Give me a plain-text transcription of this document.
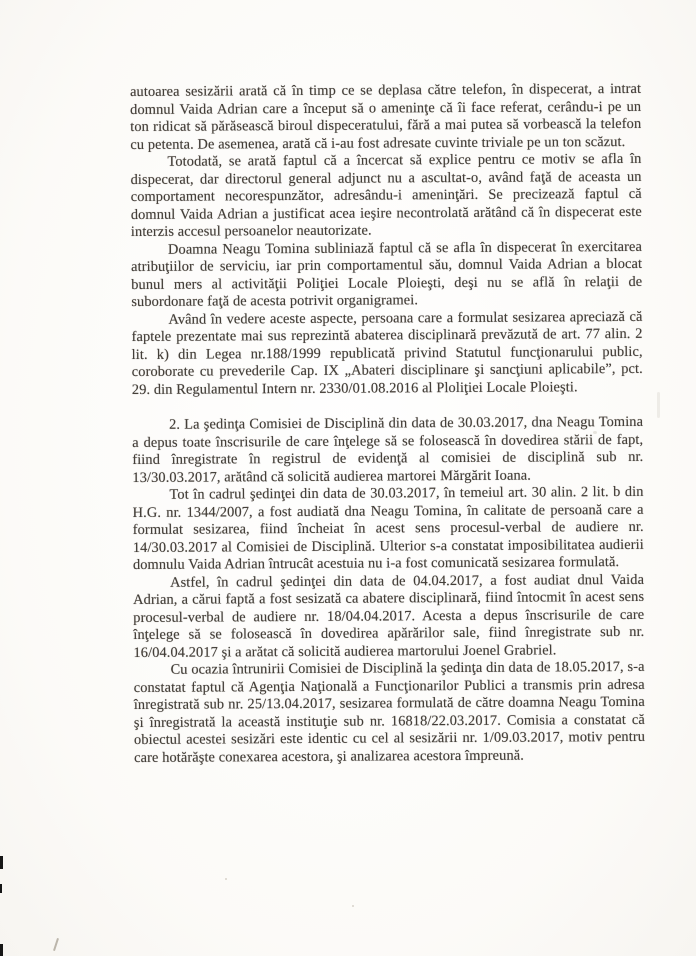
autoarea sesizării arată că în timp ce se deplasa către telefon, în dispecerat, a intrat domnul Vaida Adrian care a început să o ameninţe că îi face referat, cerându-i pe un ton ridicat să părăsească biroul dispeceratului, fără a mai putea să vorbească la telefon cu petenta. De asemenea, arată că i-au fost adresate cuvinte triviale pe un ton scăzut.

Totodată, se arată faptul că a încercat să explice pentru ce motiv se afla în dispecerat, dar directorul general adjunct nu a ascultat-o, având faţă de aceasta un comportament necorespunzător, adresându-i ameninţări. Se precizează faptul că domnul Vaida Adrian a justificat acea ieşire necontrolată arătând că în dispecerat este interzis accesul persoanelor neautorizate.

Doamna Neagu Tomina subliniază faptul că se afla în dispecerat în exercitarea atribuţiilor de serviciu, iar prin comportamentul său, domnul Vaida Adrian a blocat bunul mers al activităţii Poliţiei Locale Ploieşti, deşi nu se află în relaţii de subordonare faţă de acesta potrivit organigramei.

Având în vedere aceste aspecte, persoana care a formulat sesizarea apreciază că faptele prezentate mai sus reprezintă abaterea disciplinară prevăzută de art. 77 alin. 2 lit. k) din Legea nr.188/1999 republicată privind Statutul funcţionarului public, coroborate cu prevederile Cap. IX „Abateri disciplinare şi sancţiuni aplicabile”, pct. 29. din Regulamentul Intern nr. 2330/01.08.2016 al Ploliţiei Locale Ploieşti.

2. La şedinţa Comisiei de Disciplină din data de 30.03.2017, dna Neagu Tomina a depus toate înscrisurile de care înţelege să se folosească în dovedirea stării de fapt, fiind înregistrate în registrul de evidenţă al comisiei de disciplină sub nr. 13/30.03.2017, arătând că solicită audierea martorei Mărgărit Ioana.

Tot în cadrul şedinţei din data de 30.03.2017, în temeiul art. 30 alin. 2 lit. b din H.G. nr. 1344/2007, a fost audiată dna Neagu Tomina, în calitate de persoană care a formulat sesizarea, fiind încheiat în acest sens procesul-verbal de audiere nr. 14/30.03.2017 al Comisiei de Disciplină. Ulterior s-a constatat imposibilitatea audierii domnulu Vaida Adrian întrucât acestuia nu i-a fost comunicată sesizarea formulată.

Astfel, în cadrul şedinţei din data de 04.04.2017, a fost audiat dnul Vaida Adrian, a cărui faptă a fost sesizată ca abatere disciplinară, fiind întocmit în acest sens procesul-verbal de audiere nr. 18/04.04.2017. Acesta a depus înscrisurile de care înţelege să se folosească în dovedirea apărărilor sale, fiind înregistrate sub nr. 16/04.04.2017 şi a arătat că solicită audierea martorului Joenel Grabriel.

Cu ocazia întrunirii Comisiei de Disciplină la şedinţa din data de 18.05.2017, s-a constatat faptul că Agenţia Naţională a Funcţionarilor Publici a transmis prin adresa înregistrată sub nr. 25/13.04.2017, sesizarea formulată de către doamna Neagu Tomina şi înregistrată la această instituţie sub nr. 16818/22.03.2017. Comisia a constatat că obiectul acestei sesizări este identic cu cel al sesizării nr. 1/09.03.2017, motiv pentru care hotărăşte conexarea acestora, şi analizarea acestora împreună.
